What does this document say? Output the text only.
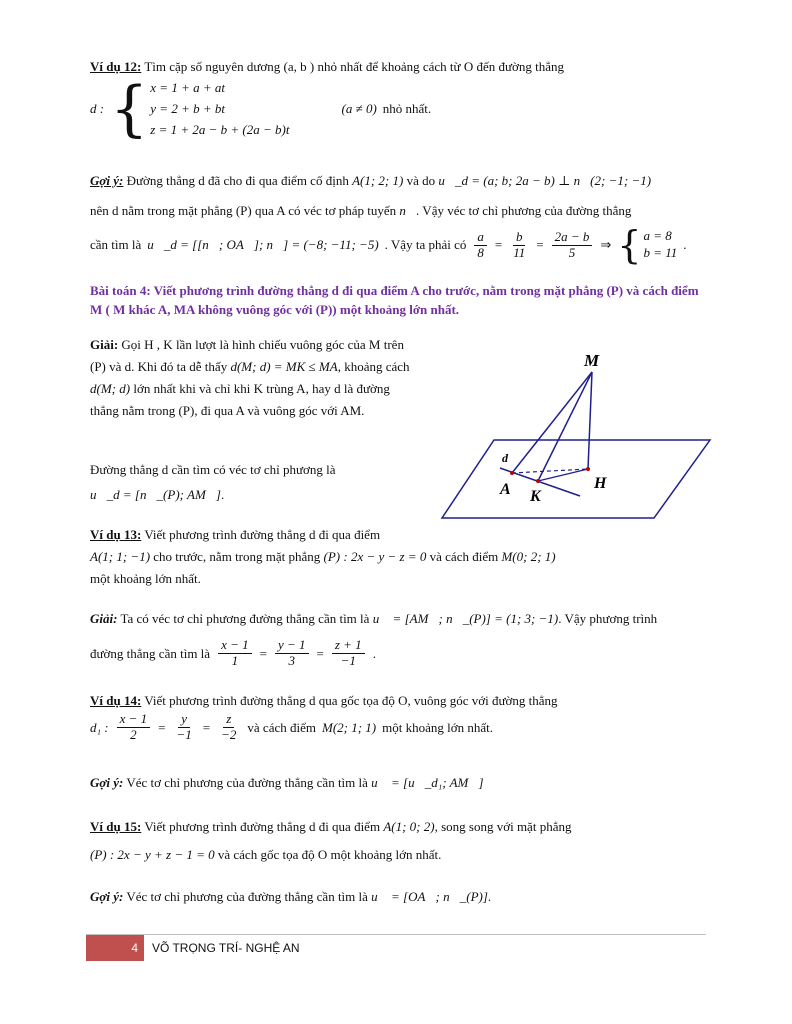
Ví dụ 12: Tìm cặp số nguyên dương (a, b ) nhỏ nhất để khoảng cách từ O đến đường thẳng
d : { x = 1 + a + at
y = 2 + b + bt
z = 1 + 2a − b + (2a − b)t
(a ≠ 0) nhỏ nhất.
Gợi ý: Đường thẳng d đã cho đi qua điểm cố định A(1; 2; 1) và do u⃗_d = (a; b; 2a − b) ⊥ n⃗(2; −1; −1)
nên d nằm trong mặt phẳng (P) qua A có véc tơ pháp tuyến n⃗. Vậy véc tơ chỉ phương của đường thẳng
cần tìm là u⃗_d = [[n⃗; OA⃗]; n⃗] = (−8; −11; −5) . Vậy ta phải có $\frac{a}{8} = \frac{b}{11} = \frac{2a - b}{5}$ ⇒ { a = 8
b = 11
.
Bài toán 4: Viết phương trình đường thẳng d đi qua điểm A cho trước, nằm trong mặt phẳng (P) và cách điểm M ( M khác A, MA không vuông góc với (P)) một khoảng lớn nhất.
Giải: Gọi H , K lần lượt là hình chiếu vuông góc của M trên (P) và d. Khi đó ta dễ thấy d(M; d) = MK ≤ MA, khoảng cách d(M; d) lớn nhất khi và chỉ khi K trùng A, hay d là đường thẳng nằm trong (P), đi qua A và vuông góc với AM.
Đường thẳng d cần tìm có véc tơ chỉ phương là
u⃗_d = [n⃗_(P); AM⃗].
M
d
A K
H
Ví dụ 13: Viết phương trình đường thẳng d đi qua điểm
A(1; 1; −1) cho trước, nằm trong mặt phẳng (P) : 2x − y − z = 0 và cách điểm M(0; 2; 1)
một khoảng lớn nhất.
Giải: Ta có véc tơ chỉ phương đường thẳng cần tìm là u⃗ = [AM⃗; n⃗_(P)] = (1; 3; −1). Vậy phương trình
đường thẳng cần tìm là $\frac{x - 1}{1} = \frac{y - 1}{3} = \frac{z + 1}{-1}$ .
Ví dụ 14: Viết phương trình đường thẳng d qua gốc tọa độ O, vuông góc với đường thẳng
d₁ : $\frac{x - 1}{2} = \frac{y}{-1} = \frac{z}{-2}$ và cách điểm M(2; 1; 1) một khoảng lớn nhất.
Gợi ý: Véc tơ chỉ phương của đường thẳng cần tìm là u⃗ = [u⃗_d₁; AM⃗]
Ví dụ 15: Viết phương trình đường thẳng d đi qua điểm A(1; 0; 2), song song với mặt phẳng
(P) : 2x − y + z − 1 = 0 và cách gốc tọa độ O một khoảng lớn nhất.
Gợi ý: Véc tơ chỉ phương của đường thẳng cần tìm là u⃗ = [OA⃗; n⃗_(P)].
4	VÕ TRỌNG TRÍ- NGHỆ AN
